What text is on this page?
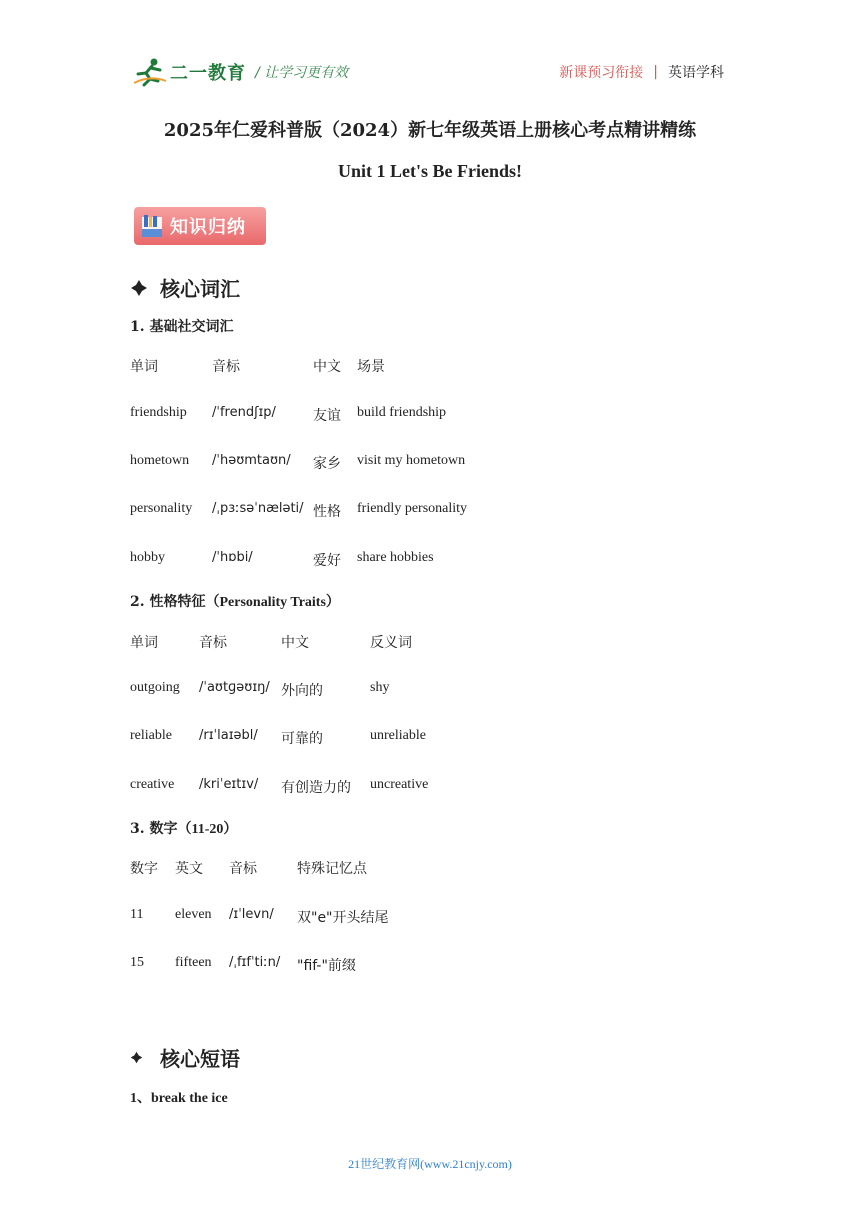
二一教育 / 让学习更有效	新课预习衔接 | 英语学科
2025年仁爱科普版（2024）新七年级英语上册核心考点精讲精练
Unit 1 Let's Be Friends!
知识归纳
核心词汇
1. 基础社交词汇
单词	音标	中文 场景
friendship /ˈfrendʃɪp/	友谊 build friendship
hometown /ˈhəʊmtaʊn/ 家乡 visit my hometown
personality /ˌpɜːsəˈnæləti/ 性格 friendly personality
hobby	/ˈhɒbi/	爱好 share hobbies
2. 性格特征（Personality Traits）
单词	音标	中文	反义词
outgoing /ˈaʊtɡəʊɪŋ/ 外向的	shy
reliable /rɪˈlaɪəbl/ 可靠的	unreliable
creative /kriˈeɪtɪv/ 有创造力的 uncreative
3. 数字（11-20）
数字 英文 音标	特殊记忆点
11 eleven /ɪˈlevn/ 双"e"开头结尾
15 fifteen /ˌfɪfˈtiːn/ "fif-"前缀
核心短语
1、break the ice
21世纪教育网(www.21cnjy.com)
